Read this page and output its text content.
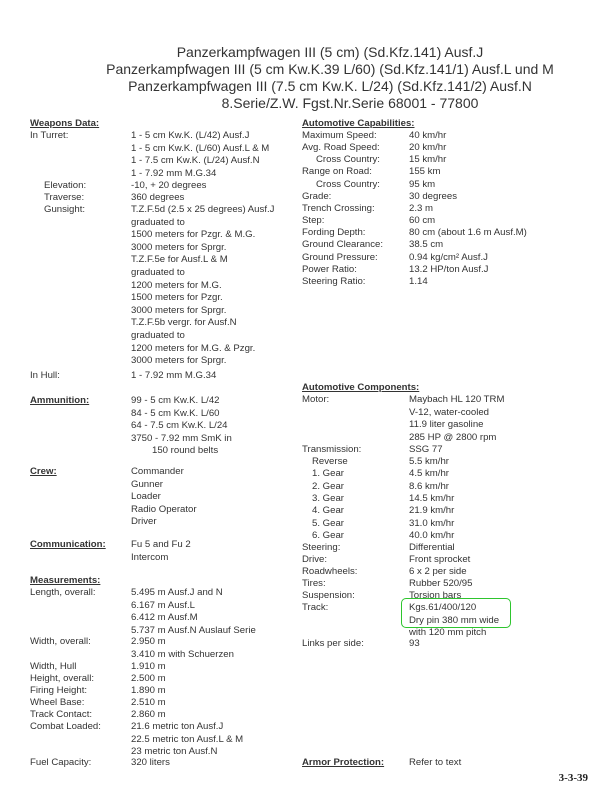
Panzerkampfwagen III (5 cm) (Sd.Kfz.141) Ausf.J
Panzerkampfwagen III (5 cm Kw.K.39 L/60) (Sd.Kfz.141/1) Ausf.L und M
Panzerkampfwagen III (7.5 cm Kw.K. L/24) (Sd.Kfz.141/2) Ausf.N
8.Serie/Z.W. Fgst.Nr.Serie 68001 - 77800
Weapons Data:
In Turret:	1 - 5 cm Kw.K. (L/42) Ausf.J
1 - 5 cm Kw.K. (L/60) Ausf.L & M
1 - 7.5 cm Kw.K. (L/24) Ausf.N
1 - 7.92 mm M.G.34
Elevation:	-10, + 20 degrees
Traverse:	360 degrees
Gunsight:	T.Z.F.5d (2.5 x 25 degrees) Ausf.J
graduated to
1500 meters for Pzgr. & M.G.
3000 meters for Sprgr.
T.Z.F.5e for Ausf.L & M
graduated to
1200 meters for M.G.
1500 meters for Pzgr.
3000 meters for Sprgr.
T.Z.F.5b vergr. for Ausf.N
graduated to
1200 meters for M.G. & Pzgr.
3000 meters for Sprgr.
In Hull:	1 - 7.92 mm M.G.34
Ammunition:	99 - 5 cm Kw.K. L/42
84 - 5 cm Kw.K. L/60
64 - 7.5 cm Kw.K. L/24
3750 - 7.92 mm SmK in
150 round belts
Crew:	Commander
Gunner
Loader
Radio Operator
Driver
Communication:	Fu 5 and Fu 2
Intercom
Measurements:
Length, overall:	5.495 m Ausf.J and N
6.167 m Ausf.L
6.412 m Ausf.M
5.737 m Ausf.N Auslauf Serie
Width, overall:	2.950 m
3.410 m with Schuerzen
Width, Hull	1.910 m
Height, overall:	2.500 m
Firing Height:	1.890 m
Wheel Base:	2.510 m
Track Contact:	2.860 m
Combat Loaded:	21.6 metric ton Ausf.J
22.5 metric ton Ausf.L & M
23 metric ton Ausf.N
Fuel Capacity:	320 liters
Automotive Capabilities:
Maximum Speed:	40 km/hr
Avg. Road Speed:	20 km/hr
Cross Country:	15 km/hr
Range on Road:	155 km
Cross Country:	95 km
Grade:	30 degrees
Trench Crossing:	2.3 m
Step:	60 cm
Fording Depth:	80 cm (about 1.6 m Ausf.M)
Ground Clearance:	38.5 cm
Ground Pressure:	0.94 kg/cm² Ausf.J
Power Ratio:	13.2 HP/ton Ausf.J
Steering Ratio:	1.14
Automotive Components:
Motor:	Maybach HL 120 TRM
V-12, water-cooled
11.9 liter gasoline
285 HP @ 2800 rpm
Transmission:	SSG 77
Reverse	5.5 km/hr
1. Gear	4.5 km/hr
2. Gear	8.6 km/hr
3. Gear	14.5 km/hr
4. Gear	21.9 km/hr
5. Gear	31.0 km/hr
6. Gear	40.0 km/hr
Steering:	Differential
Drive:	Front sprocket
Roadwheels:	6 x 2 per side
Tires:	Rubber 520/95
Suspension:	Torsion bars
Track:	Kgs.61/400/120
Dry pin 380 mm wide
with 120 mm pitch
Links per side:	93
Armor Protection:	Refer to text
3-3-39
